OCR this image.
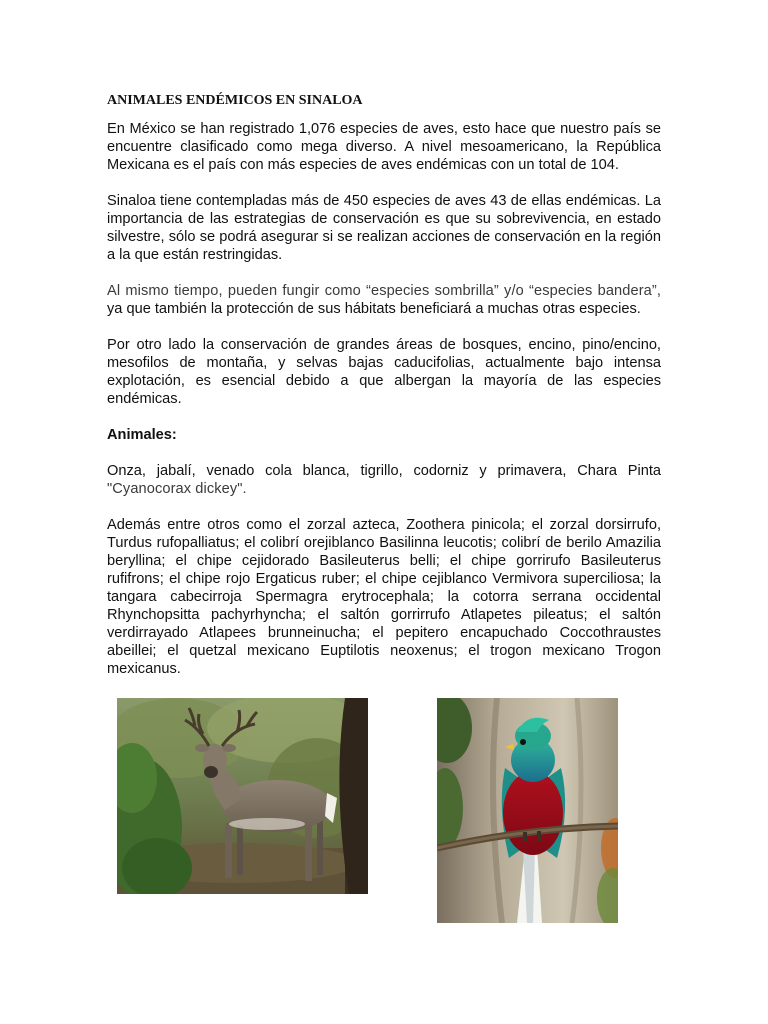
ANIMALES ENDÉMICOS EN SINALOA

En México se han registrado 1,076 especies de aves, esto hace que nuestro país se encuentre clasificado como mega diverso. A nivel mesoamericano, la República Mexicana es el país con más especies de aves endémicas con un total de 104.

Sinaloa tiene contempladas más de 450 especies de aves 43 de ellas endémicas. La importancia de las estrategias de conservación es que su sobrevivencia, en estado silvestre, sólo se podrá asegurar si se realizan acciones de conservación en la región a la que están restringidas.

Al mismo tiempo, pueden fungir como “especies sombrilla” y/o “especies bandera”, ya que también la protección de sus hábitats beneficiará a muchas otras especies.

Por otro lado la conservación de grandes áreas de bosques, encino, pino/encino, mesofilos de montaña, y selvas bajas caducifolias, actualmente bajo intensa explotación, es esencial debido a que albergan la mayoría de las especies endémicas.

Animales:

Onza, jabalí, venado cola blanca, tigrillo, codorniz y primavera, Chara Pinta "Cyanocorax dickey".

Además entre otros como el zorzal azteca, Zoothera pinicola; el zorzal dorsirrufo, Turdus rufopalliatus; el colibrí orejiblanco Basilinna leucotis; colibrí de berilo Amazilia beryllina; el chipe cejidorado Basileuterus belli; el chipe gorrirufo Basileuterus rufifrons; el chipe rojo Ergaticus ruber; el chipe cejiblanco Vermivora superciliosa; la tangara cabecirroja Spermagra erytrocephala; la cotorra serrana occidental Rhynchopsitta pachyrhyncha; el saltón gorrirrufo Atlapetes pileatus; el saltón verdirrayado Atlapees brunneinucha; el pepitero encapuchado Coccothraustes abeillei; el quetzal mexicano Euptilotis neoxenus; el trogon mexicano Trogon mexicanus.
